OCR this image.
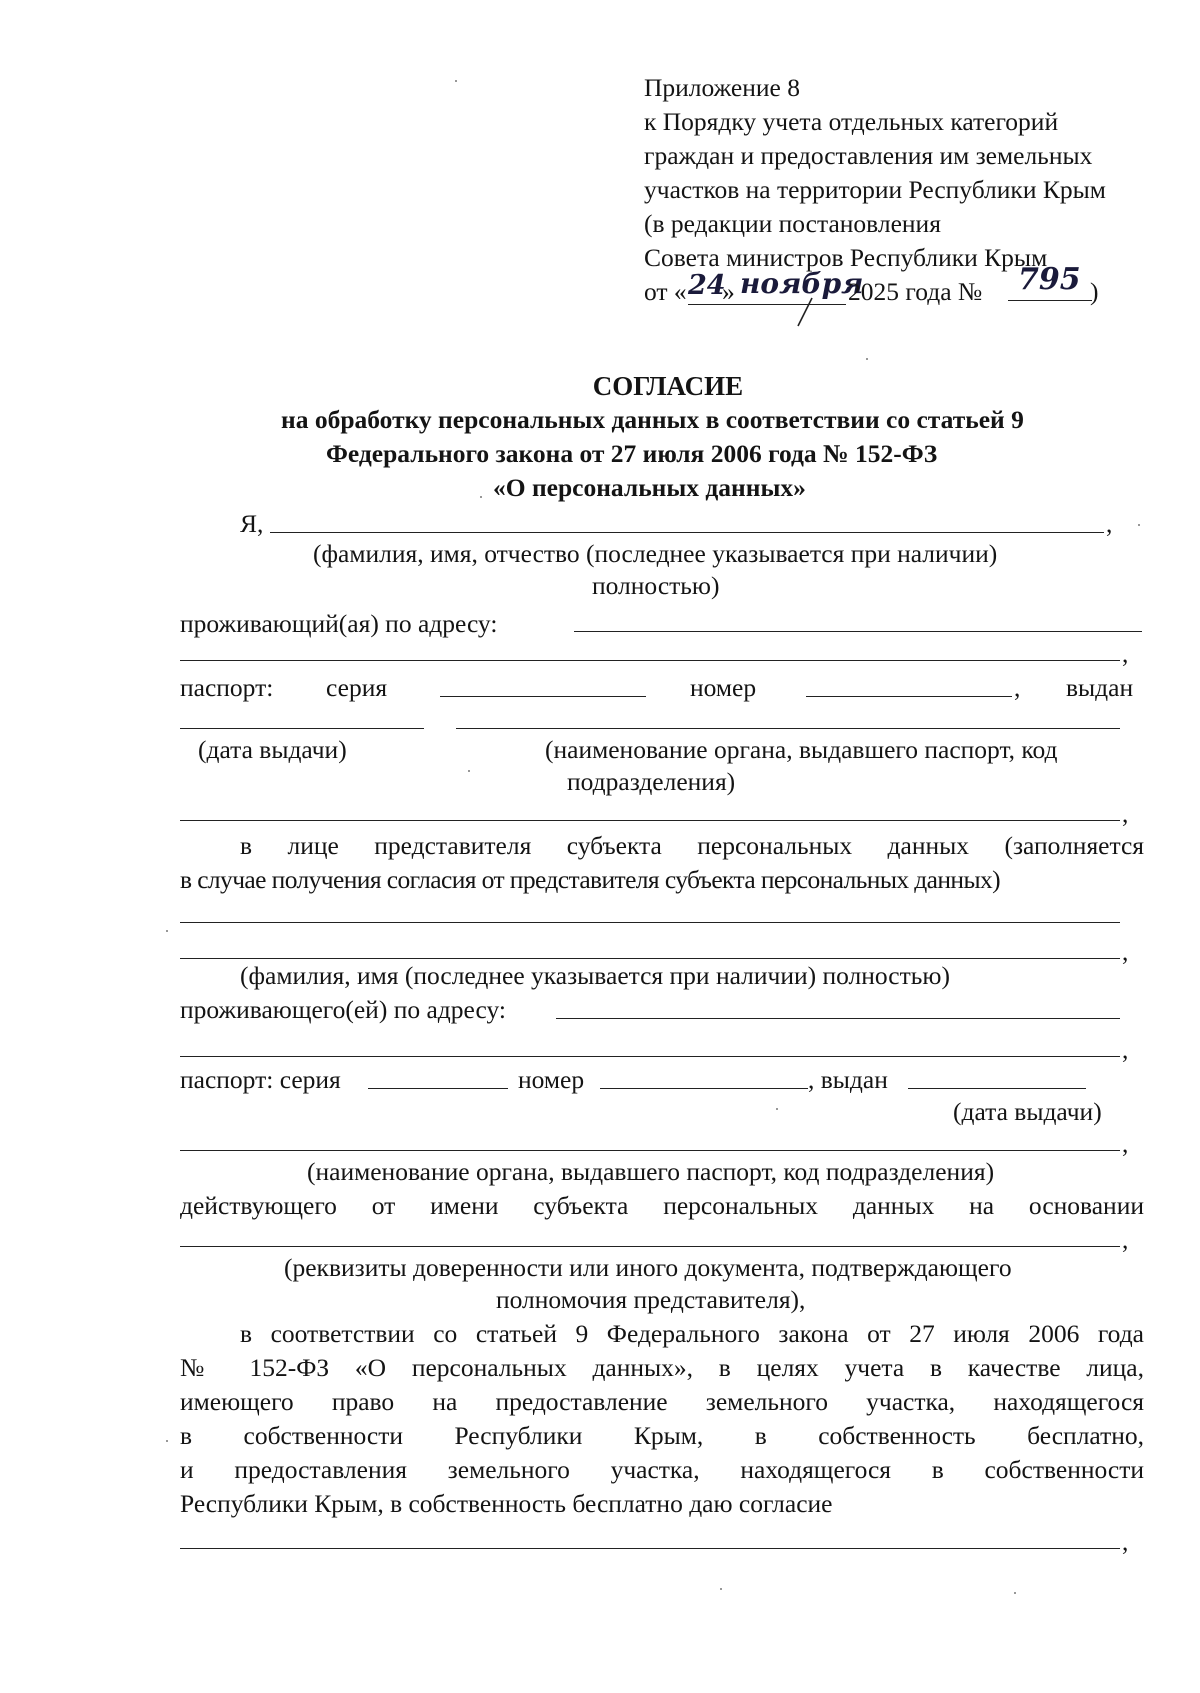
Приложение 8
к Порядку учета отдельных категорий
граждан и предоставления им земельных
участков на территории Республики Крым
(в редакции постановления
Совета министров Республики Крым
от « 24
» ноября
2025 года № 795 )
СОГЛАСИЕ
на обработку персональных данных в соответствии со статьей 9
Федерального закона от 27 июля 2006 года № 152-ФЗ
«О персональных данных»
Я,	,
(фамилия, имя, отчество (последнее указывается при наличии)
полностью)
проживающий(ая) по адресу:
,
паспорт: серия	номер	, выдан
(дата выдачи)	(наименование органа, выдавшего паспорт, код
подразделения)
,
в лице представителя субъекта персональных данных (заполняется
в случае получения согласия от представителя субъекта персональных данных)
,
(фамилия, имя (последнее указывается при наличии) полностью)
проживающего(ей) по адресу:
,
паспорт: серия	номер	, выдан
(дата выдачи)
,
(наименование органа, выдавшего паспорт, код подразделения)
действующего от имени субъекта персональных данных на основании
,
(реквизиты доверенности или иного документа, подтверждающего
полномочия представителя),
в соответствии со статьей 9 Федерального закона от 27 июля 2006 года
№ 152-ФЗ «О персональных данных», в целях учета в качестве лица,
имеющего право на предоставление земельного участка, находящегося
в собственности Республики Крым, в собственность бесплатно,
и предоставления земельного участка, находящегося в собственности
Республики Крым, в собственность бесплатно даю согласие
,
